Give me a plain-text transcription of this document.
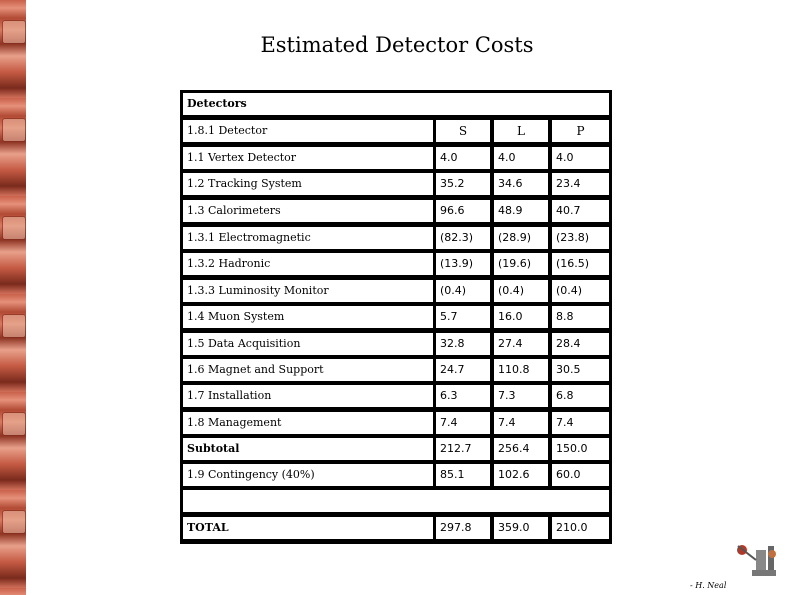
Estimated Detector Costs
Detectors
1.8.1 Detector	S	L	P
1.1 Vertex Detector	4.0	4.0	4.0
1.2 Tracking System	35.2	34.6	23.4
1.3 Calorimeters	96.6	48.9	40.7
1.3.1 Electromagnetic	(82.3)	(28.9)	(23.8)
1.3.2 Hadronic	(13.9)	(19.6)	(16.5)
1.3.3 Luminosity Monitor	(0.4)	(0.4)	(0.4)
1.4 Muon System	5.7	16.0	8.8
1.5 Data Acquisition	32.8	27.4	28.4
1.6 Magnet and Support	24.7	110.8	30.5
1.7 Installation	6.3	7.3	6.8
1.8 Management	7.4	7.4	7.4
Subtotal	212.7	256.4	150.0
1.9 Contingency (40%)	85.1	102.6	60.0
TOTAL	297.8	359.0	210.0
- H. Neal
